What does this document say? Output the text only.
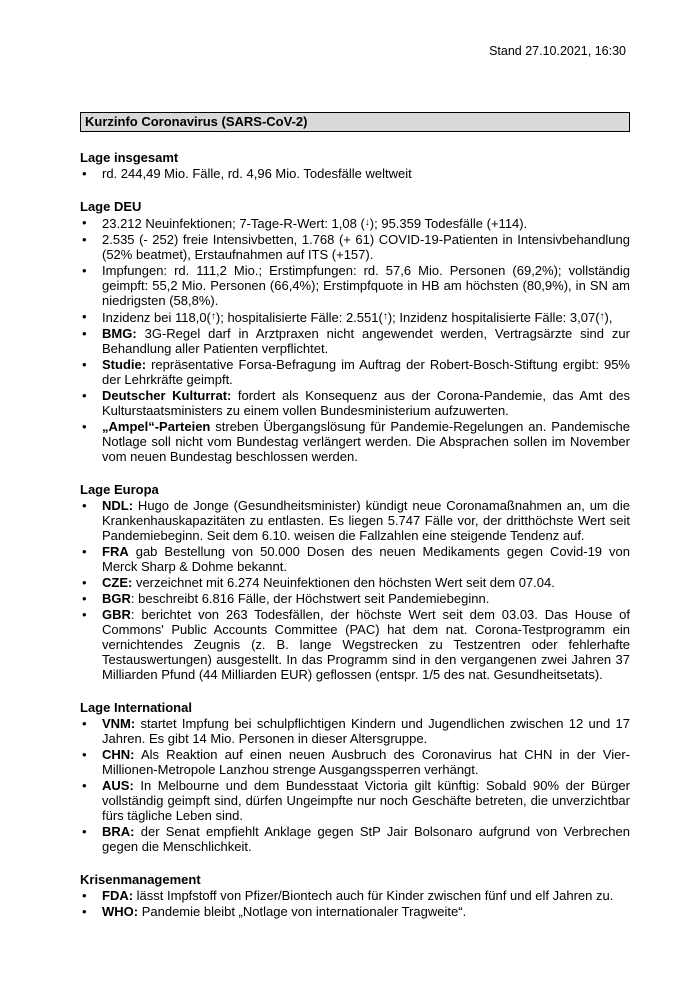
Stand 27.10.2021, 16:30
Kurzinfo Coronavirus (SARS-CoV-2)
Lage insgesamt
• rd. 244,49 Mio. Fälle, rd. 4,96 Mio. Todesfälle weltweit
Lage DEU
• 23.212 Neuinfektionen; 7-Tage-R-Wert: 1,08 (↓); 95.359 Todesfälle (+114).
• 2.535 (- 252) freie Intensivbetten, 1.768 (+ 61) COVID-19-Patienten in Intensivbehandlung (52% beatmet), Erstaufnahmen auf ITS (+157).
• Impfungen: rd. 111,2 Mio.; Erstimpfungen: rd. 57,6 Mio. Personen (69,2%); vollständig geimpft: 55,2 Mio. Personen (66,4%); Erstimpfquote in HB am höchsten (80,9%), in SN am niedrigsten (58,8%).
• Inzidenz bei 118,0(↑); hospitalisierte Fälle: 2.551(↑); Inzidenz hospitalisierte Fälle: 3,07(↑),
• BMG: 3G-Regel darf in Arztpraxen nicht angewendet werden, Vertragsärzte sind zur Behandlung aller Patienten verpflichtet.
• Studie: repräsentative Forsa-Befragung im Auftrag der Robert-Bosch-Stiftung ergibt: 95% der Lehrkräfte geimpft.
• Deutscher Kulturrat: fordert als Konsequenz aus der Corona-Pandemie, das Amt des Kulturstaatsministers zu einem vollen Bundesministerium aufzuwerten.
• „Ampel“-Parteien streben Übergangslösung für Pandemie-Regelungen an. Pandemische Notlage soll nicht vom Bundestag verlängert werden. Die Absprachen sollen im November vom neuen Bundestag beschlossen werden.
Lage Europa
• NDL: Hugo de Jonge (Gesundheitsminister) kündigt neue Coronamaßnahmen an, um die Krankenhauskapazitäten zu entlasten. Es liegen 5.747 Fälle vor, der dritthöchste Wert seit Pandemiebeginn. Seit dem 6.10. weisen die Fallzahlen eine steigende Tendenz auf.
• FRA gab Bestellung von 50.000 Dosen des neuen Medikaments gegen Covid-19 von Merck Sharp & Dohme bekannt.
• CZE: verzeichnet mit 6.274 Neuinfektionen den höchsten Wert seit dem 07.04.
• BGR: beschreibt 6.816 Fälle, der Höchstwert seit Pandemiebeginn.
• GBR: berichtet von 263 Todesfällen, der höchste Wert seit dem 03.03. Das House of Commons' Public Accounts Committee (PAC) hat dem nat. Corona-Testprogramm ein vernichtendes Zeugnis (z. B. lange Wegstrecken zu Testzentren oder fehlerhafte Testauswertungen) ausgestellt. In das Programm sind in den vergangenen zwei Jahren 37 Milliarden Pfund (44 Milliarden EUR) geflossen (entspr. 1/5 des nat. Gesundheitsetats).
Lage International
• VNM: startet Impfung bei schulpflichtigen Kindern und Jugendlichen zwischen 12 und 17 Jahren. Es gibt 14 Mio. Personen in dieser Altersgruppe.
• CHN: Als Reaktion auf einen neuen Ausbruch des Coronavirus hat CHN in der Vier-Millionen-Metropole Lanzhou strenge Ausgangssperren verhängt.
• AUS: In Melbourne und dem Bundesstaat Victoria gilt künftig: Sobald 90% der Bürger vollständig geimpft sind, dürfen Ungeimpfte nur noch Geschäfte betreten, die unverzichtbar fürs tägliche Leben sind.
• BRA: der Senat empfiehlt Anklage gegen StP Jair Bolsonaro aufgrund von Verbrechen gegen die Menschlichkeit.
Krisenmanagement
• FDA: lässt Impfstoff von Pfizer/Biontech auch für Kinder zwischen fünf und elf Jahren zu.
• WHO: Pandemie bleibt „Notlage von internationaler Tragweite“.
